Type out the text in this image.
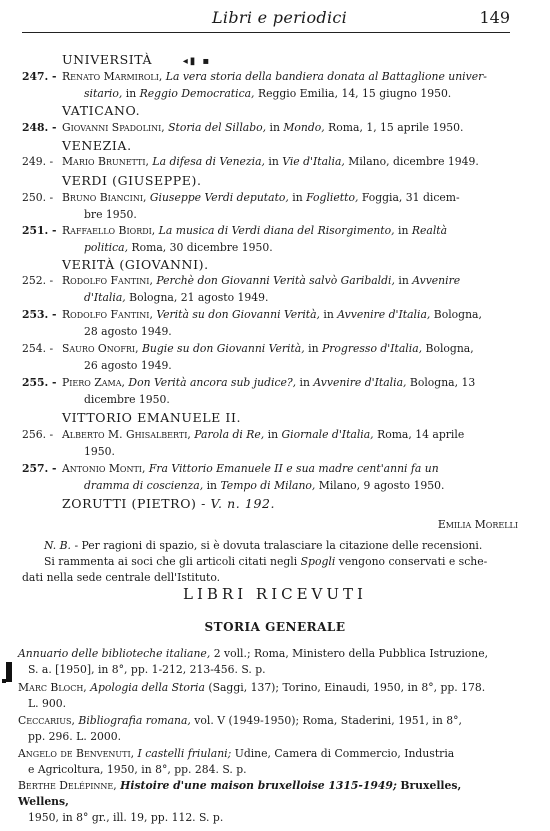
Libri e periodici	149
UNIVERSITÀ	◂▮ ▪
247. - Renato Marmiroli, La vera storia della bandiera donata al Battaglione univer-
sitario, in Reggio Democratica, Reggio Emilia, 14, 15 giugno 1950.
VATICANO.
248. - Giovanni Spadolini, Storia del Sillabo, in Mondo, Roma, 1, 15 aprile 1950.
VENEZIA.
249. - Mario Brunetti, La difesa di Venezia, in Vie d'Italia, Milano, dicembre 1949.
VERDI (GIUSEPPE).
250. - Bruno Biancini, Giuseppe Verdi deputato, in Foglietto, Foggia, 31 dicem-
bre 1950.
251. - Raffaello Biordi, La musica di Verdi diana del Risorgimento, in Realtà
politica, Roma, 30 dicembre 1950.
VERITÀ (GIOVANNI).
252. - Rodolfo Fantini, Perchè don Giovanni Verità salvò Garibaldi, in Avvenire
d'Italia, Bologna, 21 agosto 1949.
253. - Rodolfo Fantini, Verità su don Giovanni Verità, in Avvenire d'Italia, Bologna,
28 agosto 1949.
254. - Sauro Onofri, Bugie su don Giovanni Verità, in Progresso d'Italia, Bologna,
26 agosto 1949.
255. - Piero Zama, Don Verità ancora sub judice?, in Avvenire d'Italia, Bologna, 13
dicembre 1950.
VITTORIO EMANUELE II.
256. - Alberto M. Ghisalberti, Parola di Re, in Giornale d'Italia, Roma, 14 aprile
1950.
257. - Antonio Monti, Fra Vittorio Emanuele II e sua madre cent'anni fa un
dramma di coscienza, in Tempo di Milano, Milano, 9 agosto 1950.
ZORUTTI (PIETRO) - V. n. 192.
Emilia Morelli
N. B. - Per ragioni di spazio, si è dovuta tralasciare la citazione delle recensioni.
Si rammenta ai soci che gli articoli citati negli Spogli vengono conservati e sche-
dati nella sede centrale dell'Istituto.
LIBRI RICEVUTI
STORIA GENERALE
Annuario delle biblioteche italiane, 2 voll.; Roma, Ministero della Pubblica Istruzione,
S. a. [1950], in 8°, pp. 1-212, 213-456. S. p.
Marc Bloch, Apologia della Storia (Saggi, 137); Torino, Einaudi, 1950, in 8°, pp. 178.
L. 900.
Ceccarius, Bibliografia romana, vol. V (1949-1950); Roma, Staderini, 1951, in 8°,
pp. 296. L. 2000.
Angelo de Benvenuti, I castelli friulani; Udine, Camera di Commercio, Industria
e Agricoltura, 1950, in 8°, pp. 284. S. p.
Berthe Delépinne, Histoire d'une maison bruxelloise 1315-1949; Bruxelles, Wellens,
1950, in 8° gr., ill. 19, pp. 112. S. p.
